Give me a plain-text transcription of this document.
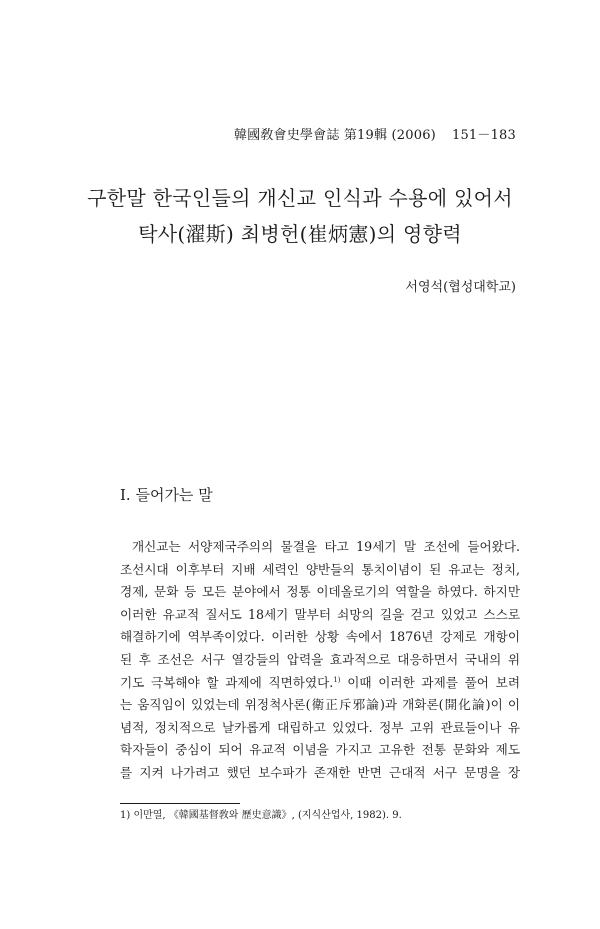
韓國敎會史學會誌 第19輯 (2006) 151－183
구한말 한국인들의 개신교 인식과 수용에 있어서
탁사(濯斯) 최병헌(崔炳憲)의 영향력
서영석(협성대학교)
I. 들어가는 말
개신교는 서양제국주의의 물결을 타고 19세기 말 조선에 들어왔다.
조선시대 이후부터 지배 세력인 양반들의 통치이념이 된 유교는 정치,
경제, 문화 등 모든 분야에서 정통 이데올로기의 역할을 하였다. 하지만
이러한 유교적 질서도 18세기 말부터 쇠망의 길을 걷고 있었고 스스로
해결하기에 역부족이었다. 이러한 상황 속에서 1876년 강제로 개항이
된 후 조선은 서구 열강들의 압력을 효과적으로 대응하면서 국내의 위
기도 극복해야 할 과제에 직면하였다.$^{1)}$ 이때 이러한 과제를 풀어 보려
는 움직임이 있었는데 위정척사론(衛正斥邪論)과 개화론(開化論)이 이
념적, 정치적으로 날카롭게 대립하고 있었다. 정부 고위 관료들이나 유
학자들이 중심이 되어 유교적 이념을 가지고 고유한 전통 문화와 제도
를 지켜 나가려고 했던 보수파가 존재한 반면 근대적 서구 문명을 장
1) 이만열, 《韓國基督敎와 歷史意識》, (지식산업사, 1982). 9.
